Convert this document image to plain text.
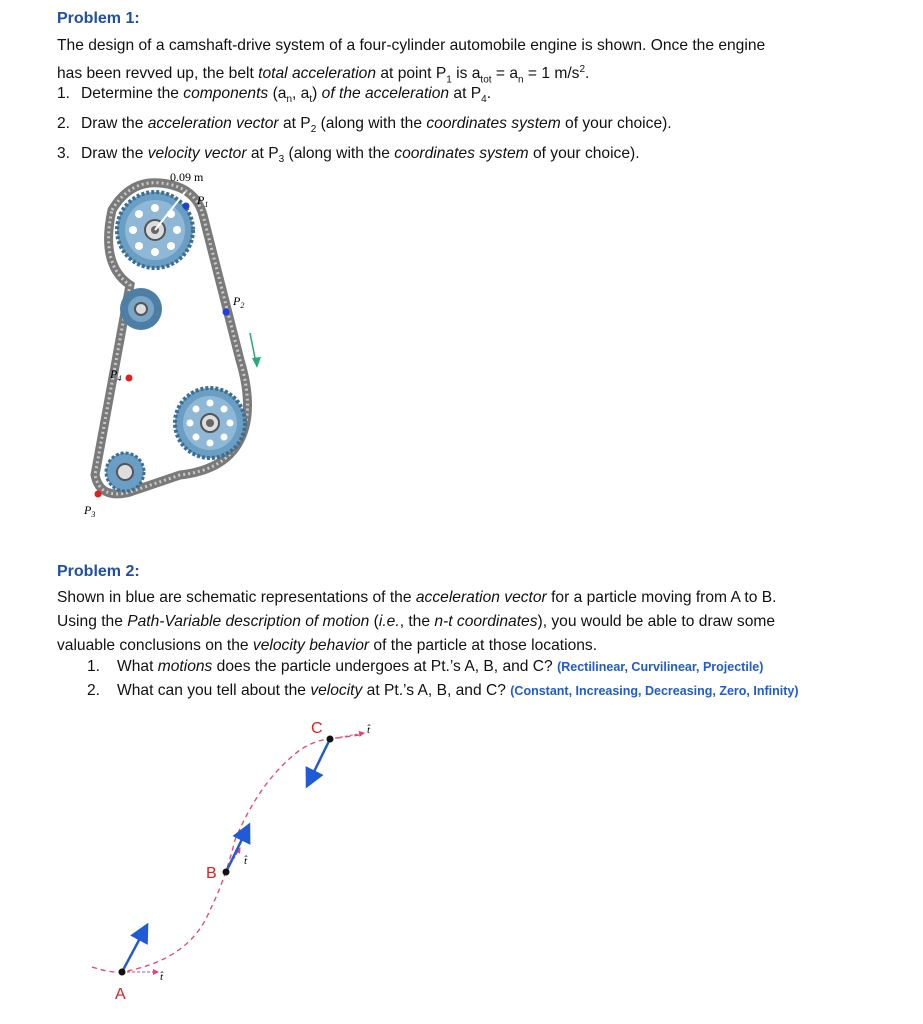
Problem 1:
The design of a camshaft-drive system of a four-cylinder automobile engine is shown. Once the engine
has been revved up, the belt total acceleration at point $P_1$ is $a_{tot} = a_n = 1$ $m/s^2$.
1. Determine the components ($a_n$, $a_t$) of the acceleration at $P_4$.
2. Draw the acceleration vector at $P_2$ (along with the coordinates system of your choice).
3. Draw the velocity vector at $P_3$ (along with the coordinates system of your choice).
0.09 m
$P_1$
$P_2$
$P_4$
$P_3$
Problem 2:
Shown in blue are schematic representations of the acceleration vector for a particle moving from A to B.
Using the Path-Variable description of motion (i.e., the n-t coordinates), you would be able to draw some
valuable conclusions on the velocity behavior of the particle at those locations.
1. What motions does the particle undergoes at Pt.’s A, B, and C? (Rectilinear, Curvilinear, Projectile)
2. What can you tell about the velocity at Pt.’s A, B, and C? (Constant, Increasing, Decreasing, Zero, Infinity)
t̂
t̂
t̂
A
B
C
